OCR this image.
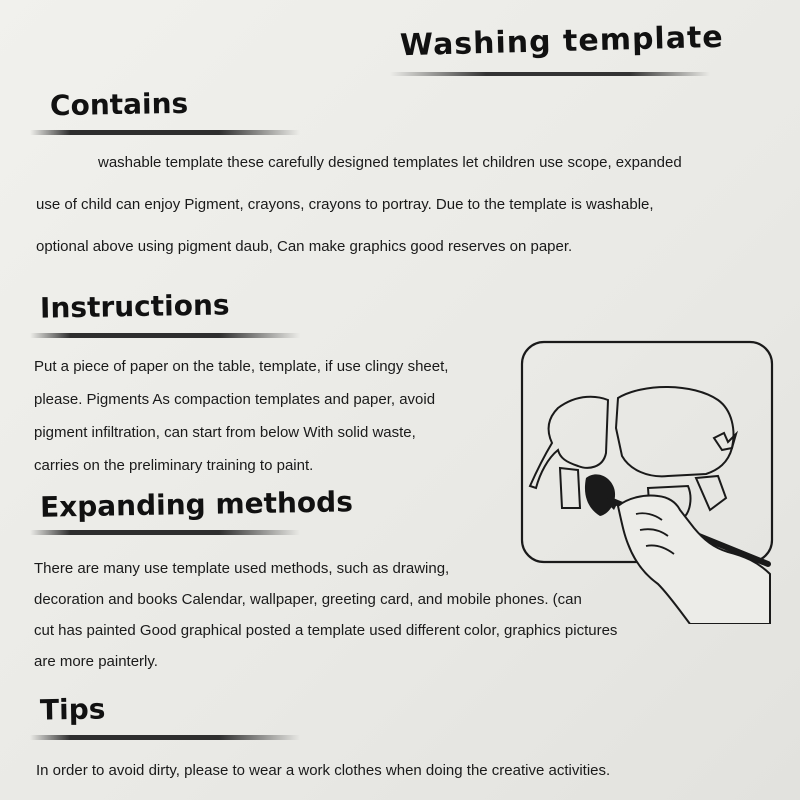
Washing template
Contains
washable template these carefully designed templates let children use scope, expanded
use of child can enjoy Pigment, crayons, crayons to portray. Due to the template is washable,
optional above using pigment daub, Can make graphics good reserves on paper.
Instructions
Put a piece of paper on the table, template, if use clingy sheet,
please. Pigments As compaction templates and paper, avoid
pigment infiltration, can start from below With solid waste,
carries on the preliminary training to paint.
Expanding methods
There are many use template used methods, such as drawing,
decoration and books Calendar, wallpaper, greeting card, and mobile phones. (can
cut has painted Good graphical posted a template used different color, graphics pictures
are more painterly.
Tips
In order to avoid dirty, please to wear a work clothes when doing the creative activities.
